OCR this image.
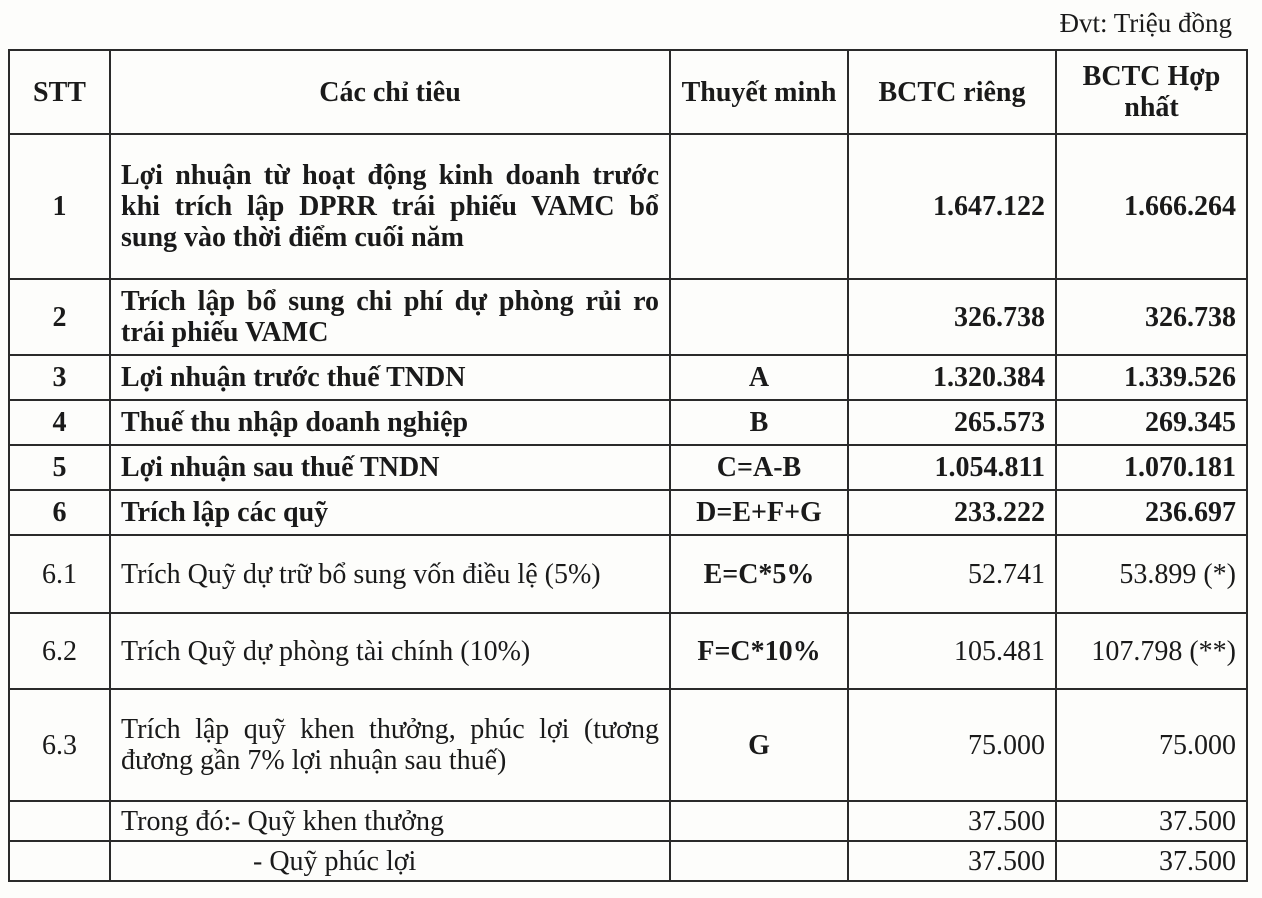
Đvt: Triệu đồng
STT	Các chỉ tiêu	Thuyết minh	BCTC riêng	BCTC Hợp nhất
1	Lợi nhuận từ hoạt động kinh doanh trước khi trích lập DPRR trái phiếu VAMC bổ sung vào thời điểm cuối năm		1.647.122	1.666.264
2	Trích lập bổ sung chi phí dự phòng rủi ro trái phiếu VAMC		326.738	326.738
3	Lợi nhuận trước thuế TNDN	A	1.320.384	1.339.526
4	Thuế thu nhập doanh nghiệp	B	265.573	269.345
5	Lợi nhuận sau thuế TNDN	C=A-B	1.054.811	1.070.181
6	Trích lập các quỹ	D=E+F+G	233.222	236.697
6.1	Trích Quỹ dự trữ bổ sung vốn điều lệ (5%)	E=C*5%	52.741	53.899 (*)
6.2	Trích Quỹ dự phòng tài chính (10%)	F=C*10%	105.481	107.798 (**)
6.3	Trích lập quỹ khen thưởng, phúc lợi (tương đương gần 7% lợi nhuận sau thuế)	G	75.000	75.000
	Trong đó:- Quỹ khen thưởng		37.500	37.500
	- Quỹ phúc lợi		37.500	37.500
